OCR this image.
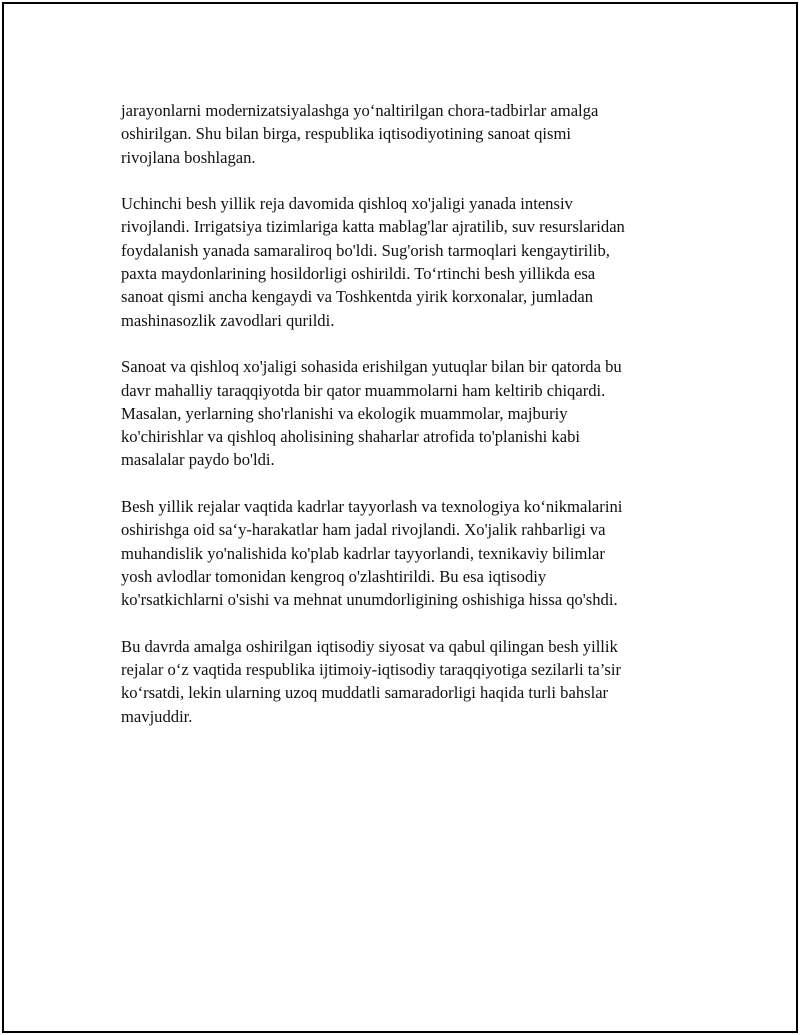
jarayonlarni modernizatsiyalashga yo‘naltirilgan chora-tadbirlar amalga
oshirilgan. Shu bilan birga, respublika iqtisodiyotining sanoat qismi
rivojlana boshlagan.

Uchinchi besh yillik reja davomida qishloq xo'jaligi yanada intensiv
rivojlandi. Irrigatsiya tizimlariga katta mablag'lar ajratilib, suv resurslaridan
foydalanish yanada samaraliroq bo'ldi. Sug'orish tarmoqlari kengaytirilib,
paxta maydonlarining hosildorligi oshirildi. To‘rtinchi besh yillikda esa
sanoat qismi ancha kengaydi va Toshkentda yirik korxonalar, jumladan
mashinasozlik zavodlari qurildi.

Sanoat va qishloq xo'jaligi sohasida erishilgan yutuqlar bilan bir qatorda bu
davr mahalliy taraqqiyotda bir qator muammolarni ham keltirib chiqardi.
Masalan, yerlarning sho'rlanishi va ekologik muammolar, majburiy
ko'chirishlar va qishloq aholisining shaharlar atrofida to'planishi kabi
masalalar paydo bo'ldi.

Besh yillik rejalar vaqtida kadrlar tayyorlash va texnologiya ko‘nikmalarini
oshirishga oid sa‘y-harakatlar ham jadal rivojlandi. Xo'jalik rahbarligi va
muhandislik yo'nalishida ko'plab kadrlar tayyorlandi, texnikaviy bilimlar
yosh avlodlar tomonidan kengroq o'zlashtirildi. Bu esa iqtisodiy
ko'rsatkichlarni o'sishi va mehnat unumdorligining oshishiga hissa qo'shdi.

Bu davrda amalga oshirilgan iqtisodiy siyosat va qabul qilingan besh yillik
rejalar o‘z vaqtida respublika ijtimoiy-iqtisodiy taraqqiyotiga sezilarli ta’sir
ko‘rsatdi, lekin ularning uzoq muddatli samaradorligi haqida turli bahslar
mavjuddir.
